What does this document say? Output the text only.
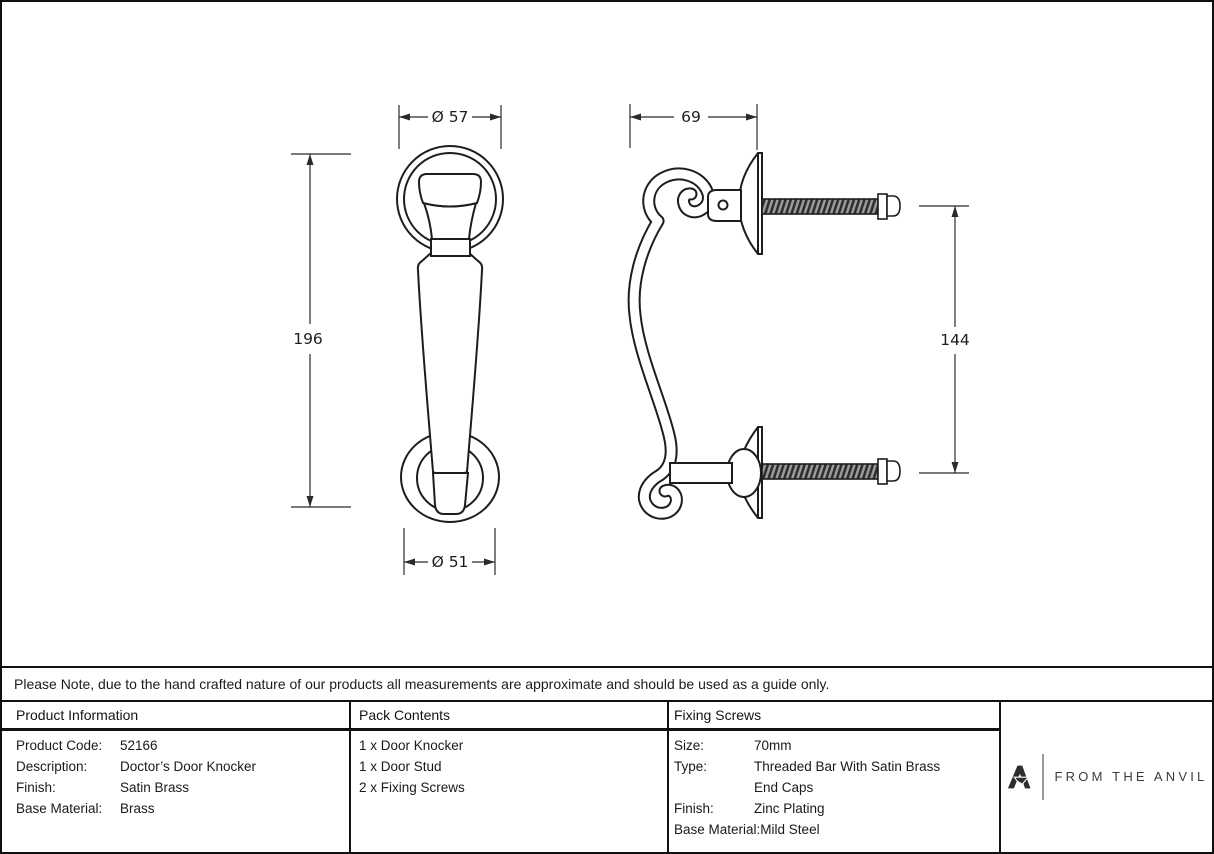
Ø 57	69
196
Ø 51
144
Please Note, due to the hand crafted nature of our products all measurements are approximate and should be used as a guide only.
Product Information
Product Code:	52166
Description:	Doctor’s Door Knocker
Finish:	Satin Brass
Base Material:	Brass
Pack Contents
1 x Door Knocker
1 x Door Stud
2 x Fixing Screws
Fixing Screws
Size:	70mm
Type:	Threaded Bar With Satin Brass End Caps
Finish:	Zinc Plating
Base Material: Mild Steel
FROM THE ANVIL
